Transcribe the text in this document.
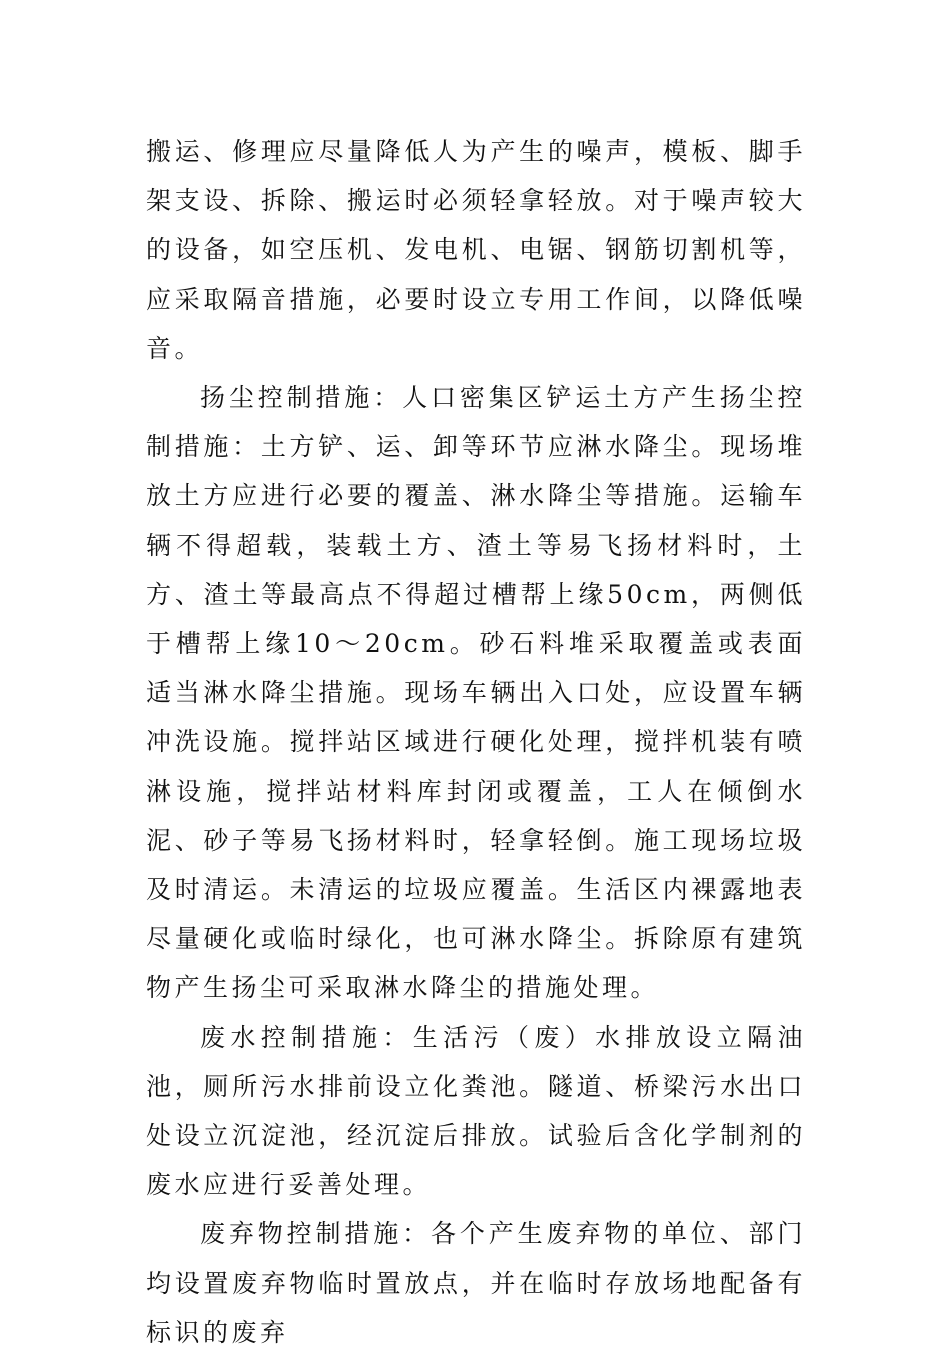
搬运、修理应尽量降低人为产生的噪声，模板、脚手架支设、拆除、搬运时必须轻拿轻放。对于噪声较大的设备，如空压机、发电机、电锯、钢筋切割机等，应采取隔音措施，必要时设立专用工作间，以降低噪音。

扬尘控制措施：人口密集区铲运土方产生扬尘控制措施：土方铲、运、卸等环节应淋水降尘。现场堆放土方应进行必要的覆盖、淋水降尘等措施。运输车辆不得超载，装载土方、渣土等易飞扬材料时，土方、渣土等最高点不得超过槽帮上缘50cm，两侧低于槽帮上缘10～20cm。砂石料堆采取覆盖或表面适当淋水降尘措施。现场车辆出入口处，应设置车辆冲洗设施。搅拌站区域进行硬化处理，搅拌机装有喷淋设施，搅拌站材料库封闭或覆盖，工人在倾倒水泥、砂子等易飞扬材料时，轻拿轻倒。施工现场垃圾及时清运。未清运的垃圾应覆盖。生活区内裸露地表尽量硬化或临时绿化，也可淋水降尘。拆除原有建筑物产生扬尘可采取淋水降尘的措施处理。

废水控制措施：生活污（废）水排放设立隔油池，厕所污水排前设立化粪池。隧道、桥梁污水出口处设立沉淀池，经沉淀后排放。试验后含化学制剂的废水应进行妥善处理。

废弃物控制措施：各个产生废弃物的单位、部门均设置废弃物临时置放点，并在临时存放场地配备有标识的废弃
